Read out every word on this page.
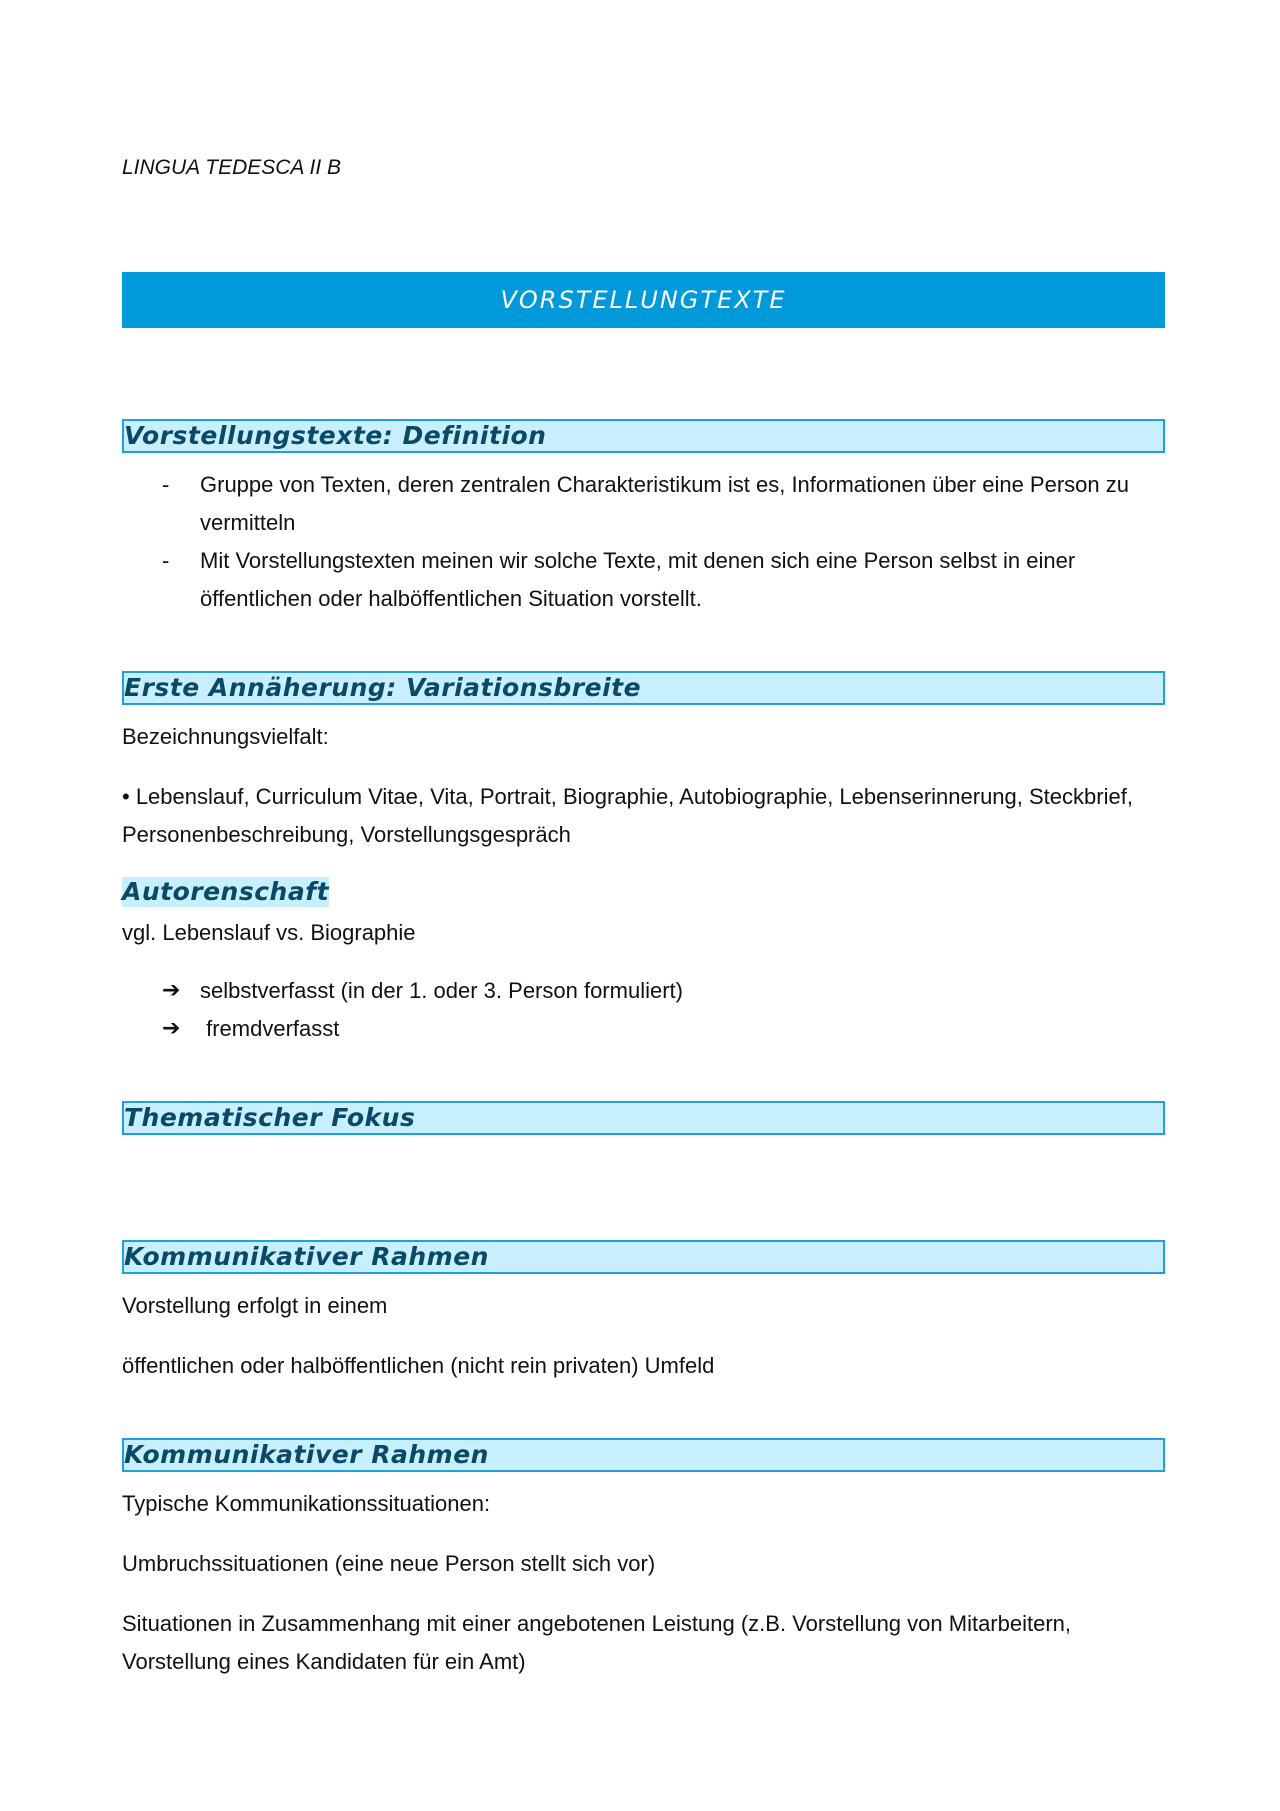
LINGUA TEDESCA II B
VORSTELLUNGTEXTE
Vorstellungstexte: Definition
-	Gruppe von Texten, deren zentralen Charakteristikum ist es, Informationen über eine Person zu vermitteln
-	Mit Vorstellungstexten meinen wir solche Texte, mit denen sich eine Person selbst in einer öffentlichen oder halböffentlichen Situation vorstellt.
Erste Annäherung: Variationsbreite
Bezeichnungsvielfalt:
• Lebenslauf, Curriculum Vitae, Vita, Portrait, Biographie, Autobiographie, Lebenserinnerung, Steckbrief, Personenbeschreibung, Vorstellungsgespräch
Autorenschaft
vgl. Lebenslauf vs. Biographie
➔ selbstverfasst (in der 1. oder 3. Person formuliert)
➔ fremdverfasst
Thematischer Fokus
Kommunikativer Rahmen
Vorstellung erfolgt in einem
öffentlichen oder halböffentlichen (nicht rein privaten) Umfeld
Kommunikativer Rahmen
Typische Kommunikationssituationen:
Umbruchssituationen (eine neue Person stellt sich vor)
Situationen in Zusammenhang mit einer angebotenen Leistung (z.B. Vorstellung von Mitarbeitern, Vorstellung eines Kandidaten für ein Amt)
